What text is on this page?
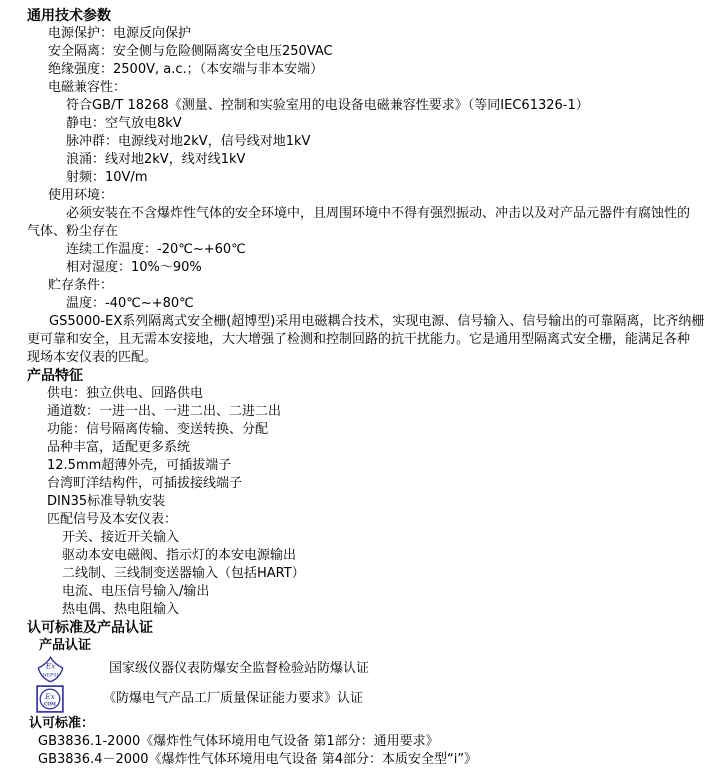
通用技术参数
电源保护：电源反向保护
安全隔离：安全侧与危险侧隔离安全电压250VAC
绝缘强度：2500V, a.c.；（本安端与非本安端）
电磁兼容性：
符合GB/T 18268《测量、控制和实验室用的电设备电磁兼容性要求》（等同IEC61326-1）
静电：空气放电8kV
脉冲群：电源线对地2kV，信号线对地1kV
浪涌：线对地2kV，线对线1kV
射频：10V/m
使用环境：
必须安装在不含爆炸性气体的安全环境中，且周围环境中不得有强烈振动、冲击以及对产品元器件有腐蚀性的
气体、粉尘存在
连续工作温度：-20℃~+60℃
相对湿度：10%～90%
贮存条件：
温度：-40℃~+80℃
GS5000-EX系列隔离式安全栅(超博型)采用电磁耦合技术，实现电源、信号输入、信号输出的可靠隔离，比齐纳栅
更可靠和安全，且无需本安接地，大大增强了检测和控制回路的抗干扰能力。它是通用型隔离式安全栅，能满足各种
现场本安仪表的匹配。
产品特征
供电：独立供电、回路供电
通道数：一进一出、一进二出、二进二出
功能：信号隔离传输、变送转换、分配
品种丰富，适配更多系统
12.5mm超薄外壳，可插拔端子
台湾町洋结构件，可插拔接线端子
DIN35标准导轨安装
匹配信号及本安仪表：
开关、接近开关输入
驱动本安电磁阀、指示灯的本安电源输出
二线制、三线制变送器输入（包括HART）
电流、电压信号输入/输出
热电偶、热电阻输入
认可标准及产品认证
产品认证
Ex
NEPSI	国家级仪器仪表防爆安全监督检验站防爆认证
Ex
COM	《防爆电气产品工厂质量保证能力要求》认证
认可标准：
GB3836.1-2000《爆炸性气体环境用电气设备 第1部分：通用要求》
GB3836.4－2000《爆炸性气体环境用电气设备 第4部分：本质安全型“i”》
